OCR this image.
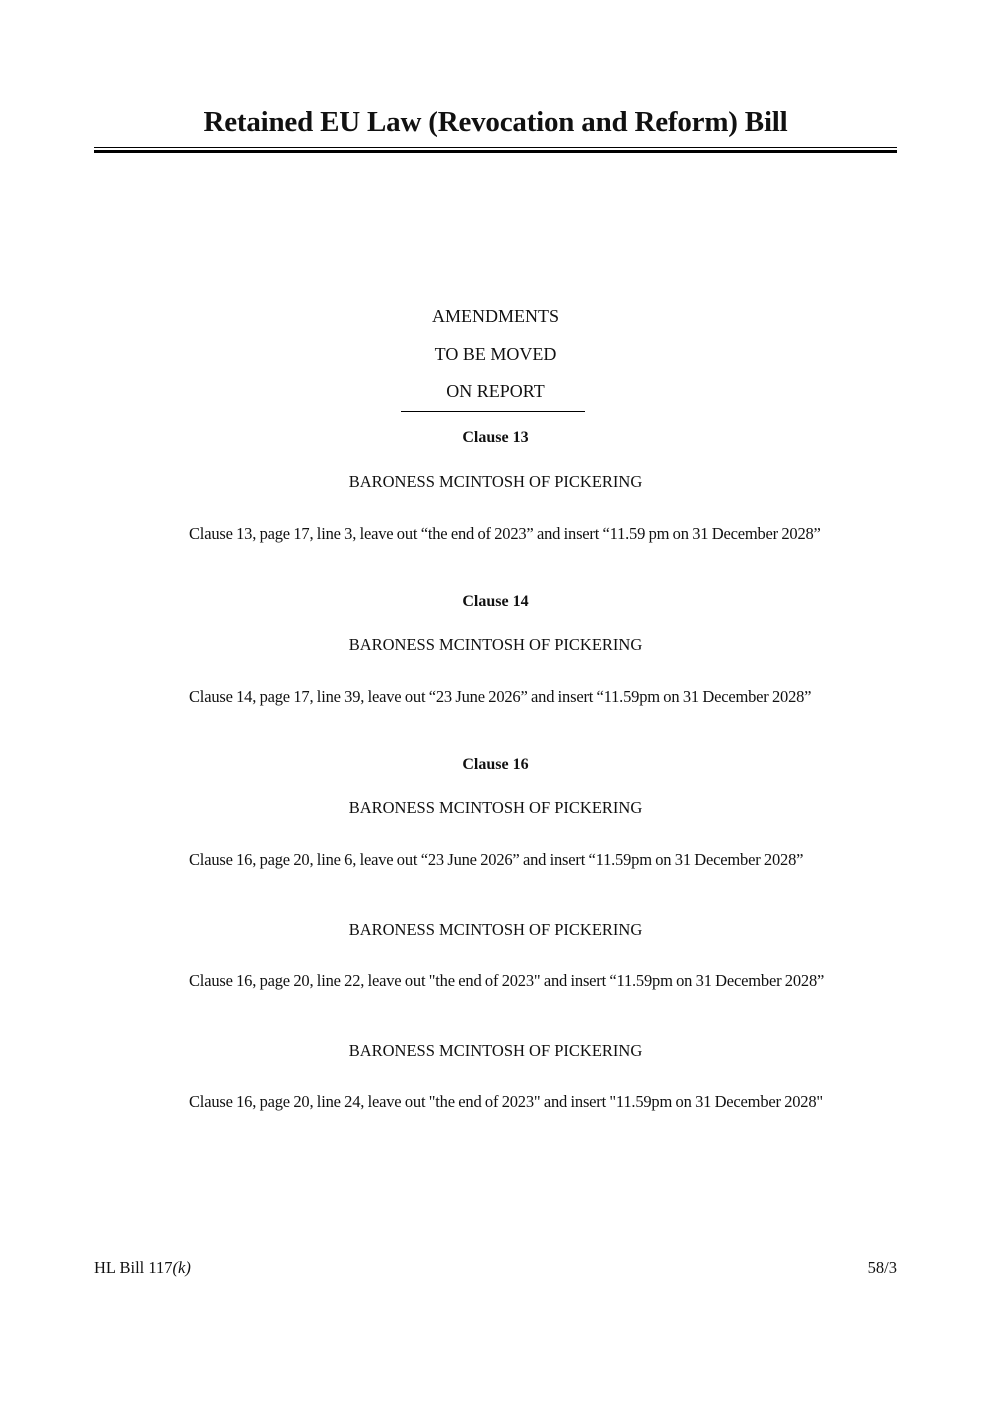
Retained EU Law (Revocation and Reform) Bill
AMENDMENTS
TO BE MOVED
ON REPORT
Clause 13
BARONESS MCINTOSH OF PICKERING
Clause 13, page 17, line 3, leave out “the end of 2023” and insert “11.59 pm on 31 December 2028”
Clause 14
BARONESS MCINTOSH OF PICKERING
Clause 14, page 17, line 39, leave out “23 June 2026” and insert “11.59pm on 31 December 2028”
Clause 16
BARONESS MCINTOSH OF PICKERING
Clause 16, page 20, line 6, leave out “23 June 2026” and insert “11.59pm on 31 December 2028”
BARONESS MCINTOSH OF PICKERING
Clause 16, page 20, line 22, leave out "the end of 2023" and insert “11.59pm on 31 December 2028”
BARONESS MCINTOSH OF PICKERING
Clause 16, page 20, line 24, leave out "the end of 2023" and insert "11.59pm on 31 December 2028"
HL Bill 117(k)	58/3
